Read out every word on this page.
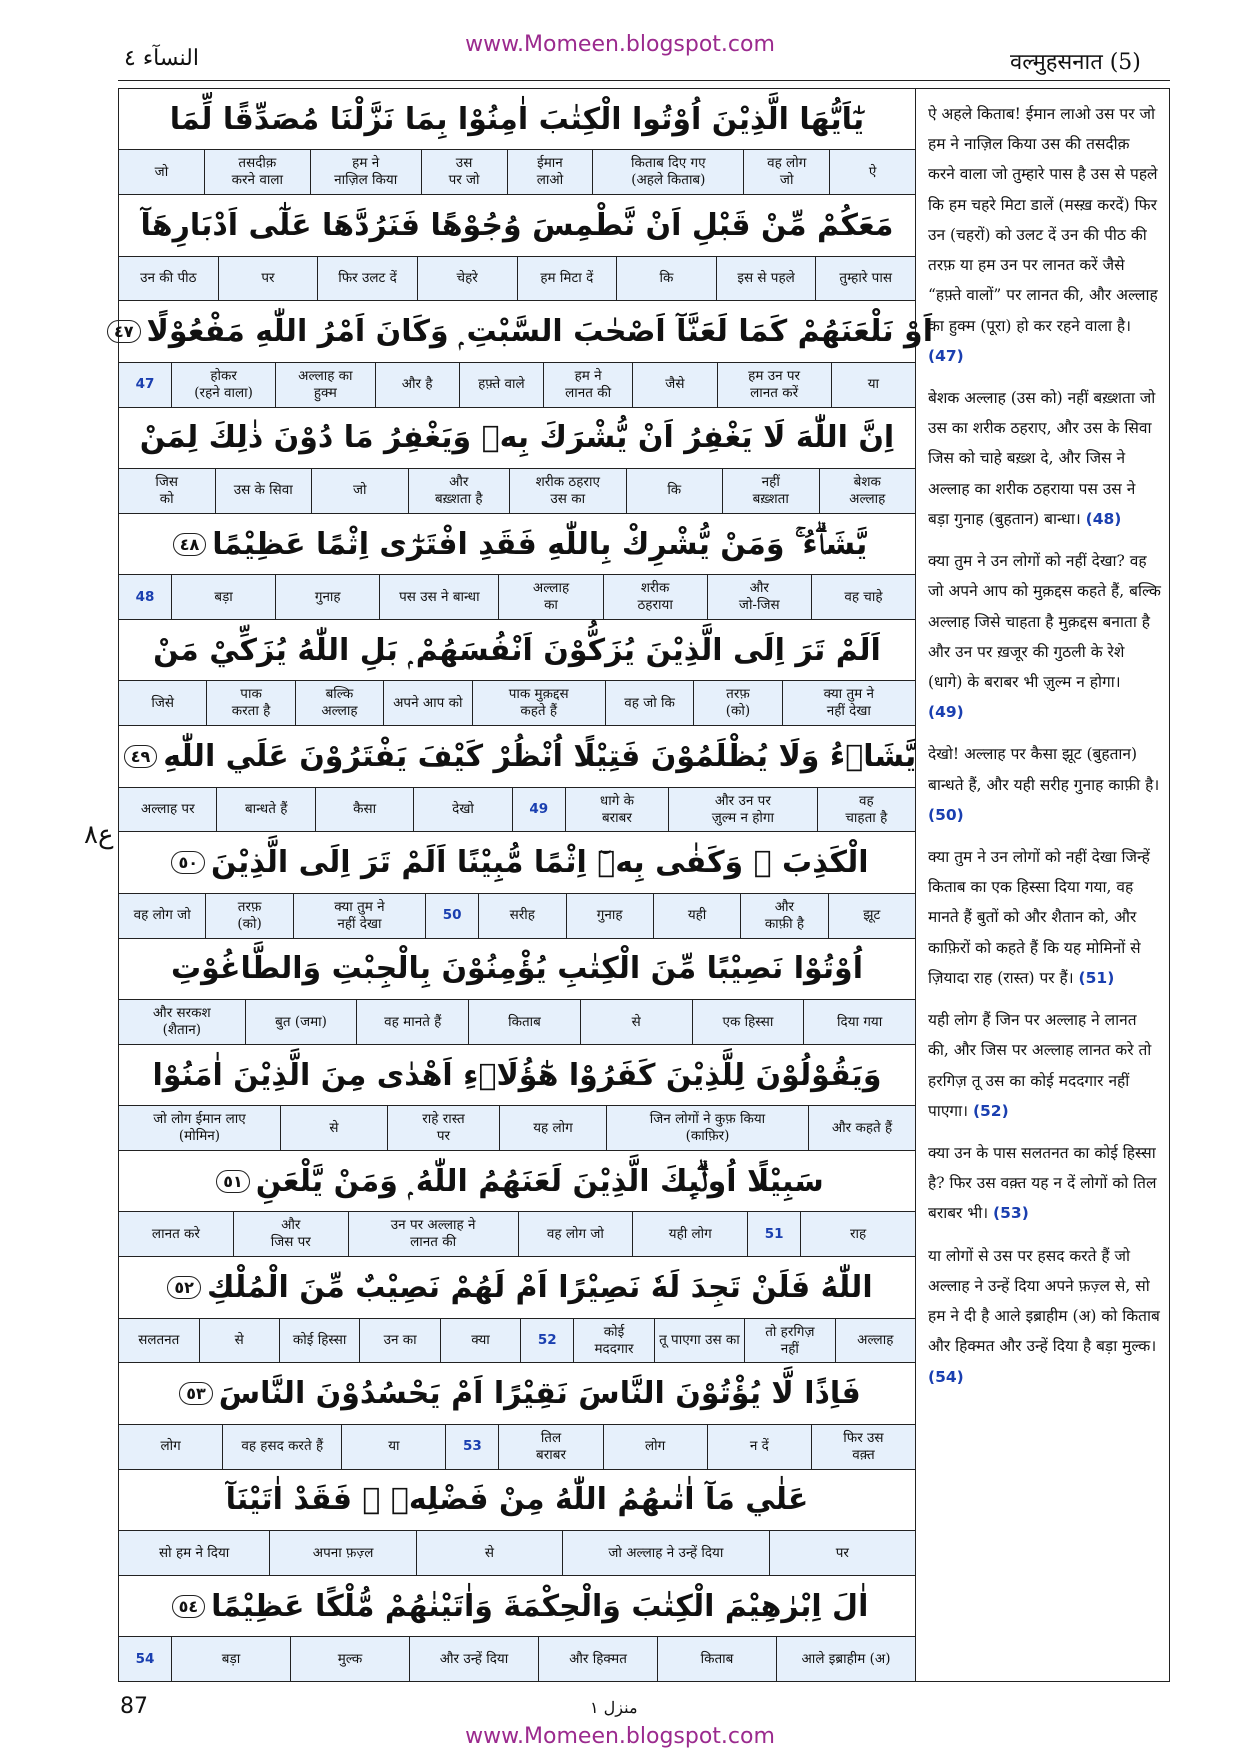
www.Momeen.blogspot.com
النسآء ٤	वल्मुहसनात (5)
ع٨
يٰٓاَيُّهَا الَّذِيْنَ اُوْتُوا الْكِتٰبَ اٰمِنُوْا بِمَا نَزَّلْنَا مُصَدِّقًا لِّمَا
ऐ
वह लोग
जो
किताब दिए गए
(अहले किताब)
ईमान
लाओ
उस
पर जो
हम ने
नाज़िल किया
तसदीक़
करने वाला
जो
مَعَكُمْ مِّنْ قَبْلِ اَنْ نَّطْمِسَ وُجُوْهًا فَنَرُدَّهَا عَلٰٓى اَدْبَارِهَآ
तुम्हारे पास
इस से पहले
कि
हम मिटा दें
चेहरे
फिर उलट दें
पर
उन की पीठ
اَوْ نَلْعَنَهُمْ كَمَا لَعَنَّآ اَصْحٰبَ السَّبْتِ ۭ وَكَانَ اَمْرُ اللّٰهِ مَفْعُوْلًا
٤٧
या
हम उन पर
लानत करें
जैसे
हम ने
लानत की
हफ़्ते वाले
और है
अल्लाह का
हुक्म
होकर
(रहने वाला)
47
اِنَّ اللّٰهَ لَا يَغْفِرُ اَنْ يُّشْرَكَ بِهٖ وَيَغْفِرُ مَا دُوْنَ ذٰلِكَ لِمَنْ
बेशक
अल्लाह
नहीं
बख़्शता
कि
शरीक ठहराए
उस का
और
बख़्शता है
जो
उस के सिवा
जिस
को
يَّشَاۗءُ ۚ وَمَنْ يُّشْرِكْ بِاللّٰهِ فَقَدِ افْتَرٰٓى اِثْمًا عَظِيْمًا
٤٨
वह चाहे
और
जो-जिस
शरीक
ठहराया
अल्लाह
का
पस उस ने बान्धा
गुनाह
बड़ा
48
اَلَمْ تَرَ اِلَى الَّذِيْنَ يُزَكُّوْنَ اَنْفُسَھُمْ ۭ بَلِ اللّٰهُ يُزَكِّيْ مَنْ
क्या तुम ने
नहीं देखा
तरफ़
(को)
वह जो कि
पाक मुक़द्दस
कहते हैं
अपने आप को
बल्कि
अल्लाह
पाक
करता है
जिसे
يَّشَاۗءُ وَلَا يُظْلَمُوْنَ فَتِيْلًا اُنْظُرْ كَيْفَ يَفْتَرُوْنَ عَلَي اللّٰهِ
٤٩
वह
चाहता है
और उन पर
ज़ुल्म न होगा
धागे के
बराबर
49
देखो
कैसा
बान्धते हैं
अल्लाह पर
الْكَذِبَ ۭ وَكَفٰى بِهٖٓ اِثْمًا مُّبِيْنًا اَلَمْ تَرَ اِلَى الَّذِيْنَ
٥٠
झूट
और
काफ़ी है
यही
गुनाह
सरीह
50
क्या तुम ने
नहीं देखा
तरफ़
(को)
वह लोग जो
اُوْتُوْا نَصِيْبًا مِّنَ الْكِتٰبِ يُؤْمِنُوْنَ بِالْجِبْتِ وَالطَّاغُوْتِ
दिया गया
एक हिस्सा
से
किताब
वह मानते हैं
बुत (जमा)
और सरकश
(शैतान)
وَيَقُوْلُوْنَ لِلَّذِيْنَ كَفَرُوْا هٰٓؤُلَاۗءِ اَهْدٰى مِنَ الَّذِيْنَ اٰمَنُوْا
और कहते हैं
जिन लोगों ने कुफ़ किया
(काफ़िर)
यह लोग
राहे रास्त
पर
से
जो लोग ईमान लाए
(मोमिन)
سَبِيْلًا اُولٰۗىِٕكَ الَّذِيْنَ لَعَنَهُمُ اللّٰهُ ۭ وَمَنْ يَّلْعَنِ
٥١
राह
51
यही लोग
वह लोग जो
उन पर अल्लाह ने
लानत की
और
जिस पर
लानत करे
اللّٰهُ فَلَنْ تَجِدَ لَهٗ نَصِيْرًا اَمْ لَھُمْ نَصِيْبٌ مِّنَ الْمُلْكِ
٥٢
अल्लाह
तो हरगिज़
नहीं
तू पाएगा उस का
कोई
मददगार
52
क्या
उन का
कोई हिस्सा
से
सलतनत
فَاِذًا لَّا يُؤْتُوْنَ النَّاسَ نَقِيْرًا اَمْ يَحْسُدُوْنَ النَّاسَ
٥٣
फिर उस
वक़्त
न दें
लोग
तिल
बराबर
53
या
वह हसद करते हैं
लोग
عَلٰي مَآ اٰتٰىھُمُ اللّٰهُ مِنْ فَضْلِهٖ ۚ فَقَدْ اٰتَيْنَآ
पर
जो अल्लाह ने उन्हें दिया
से
अपना फ़ज़्ल
सो हम ने दिया
اٰلَ اِبْرٰهِيْمَ الْكِتٰبَ وَالْحِكْمَةَ وَاٰتَيْنٰھُمْ مُّلْكًا عَظِيْمًا
٥٤
आले इब्राहीम (अ)
किताब
और हिक्मत
और उन्हें दिया
मुल्क
बड़ा
54

ऐ अहले किताब! ईमान लाओ उस पर जो हम ने नाज़िल किया उस की तसदीक़ करने वाला जो तुम्हारे पास है उस से पहले कि हम चहरे मिटा डालें (मस्ख़ करदें) फिर उन (चहरों) को उलट दें उन की पीठ की तरफ़ या हम उन पर लानत करें जैसे “हफ़्ते वालों” पर लानत की, और अल्लाह का हुक्म (पूरा) हो कर रहने वाला है। (47)

बेशक अल्लाह (उस को) नहीं बख़्शता जो उस का शरीक ठहराए, और उस के सिवा जिस को चाहे बख़्श दे, और जिस ने अल्लाह का शरीक ठहराया पस उस ने बड़ा गुनाह (बुहतान) बान्धा। (48)

क्या तुम ने उन लोगों को नहीं देखा? वह जो अपने आप को मुक़द्दस कहते हैं, बल्कि अल्लाह जिसे चाहता है मुक़द्दस बनाता है और उन पर ख़जूर की गुठली के रेशे (धागे) के बराबर भी ज़ुल्म न होगा। (49)

देखो! अल्लाह पर कैसा झूट (बुहतान) बान्धते हैं, और यही सरीह गुनाह काफ़ी है। (50)

क्या तुम ने उन लोगों को नहीं देखा जिन्हें किताब का एक हिस्सा दिया गया, वह मानते हैं बुतों को और शैतान को, और काफ़िरों को कहते हैं कि यह मोमिनों से ज़ियादा राह (रास्त) पर हैं। (51)

यही लोग हैं जिन पर अल्लाह ने लानत की, और जिस पर अल्लाह लानत करे तो हरगिज़ तू उस का कोई मददगार नहीं पाएगा। (52)

क्या उन के पास सलतनत का कोई हिस्सा है? फिर उस वक़्त यह न दें लोगों को तिल बराबर भी। (53)

या लोगों से उस पर हसद करते हैं जो अल्लाह ने उन्हें दिया अपने फ़ज़्ल से, सो हम ने दी है आले इब्राहीम (अ) को किताब और हिक्मत और उन्हें दिया है बड़ा मुल्क। (54)

87	منزل ١
www.Momeen.blogspot.com
